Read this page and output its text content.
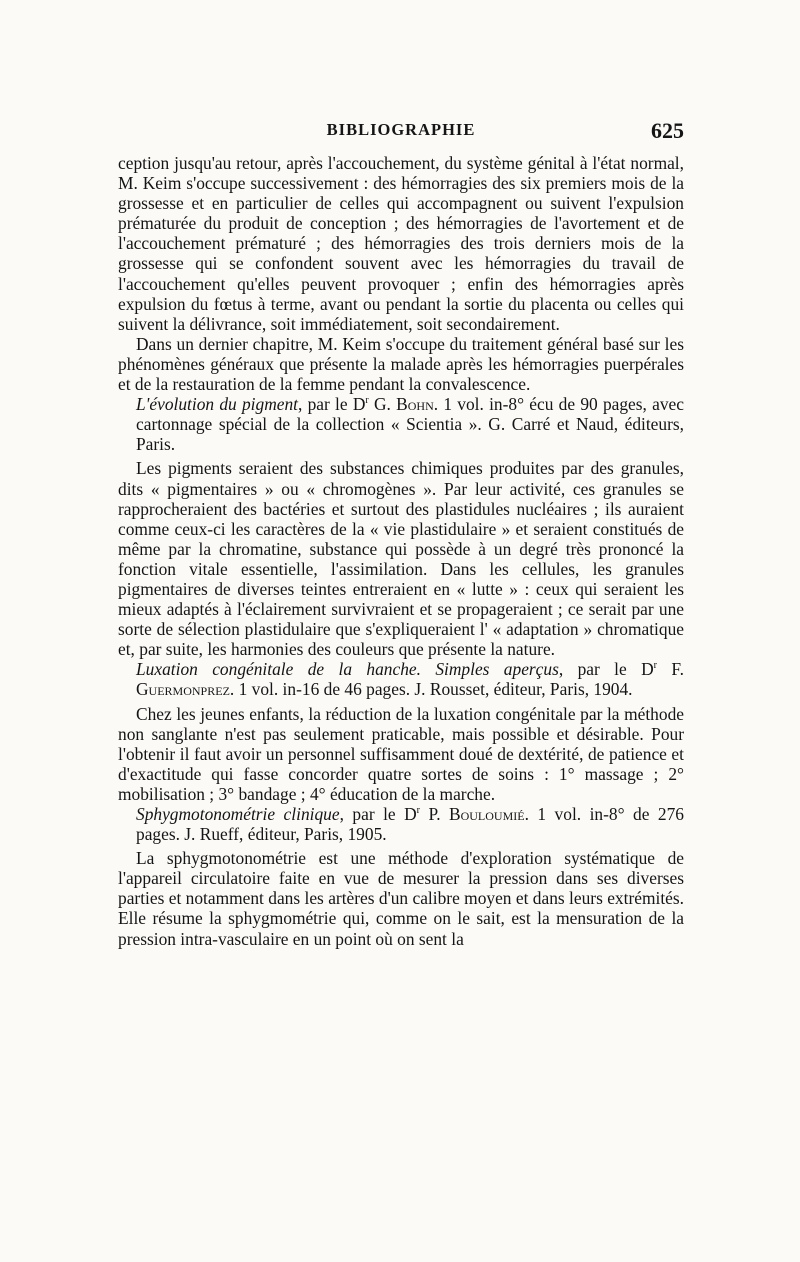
BIBLIOGRAPHIE	625

ception jusqu'au retour, après l'accouchement, du système génital à l'état normal, M. Keim s'occupe successivement : des hémorragies des six premiers mois de la grossesse et en particulier de celles qui accompagnent ou suivent l'expulsion prématurée du produit de conception ; des hémorragies de l'avortement et de l'accouchement prématuré ; des hémorragies des trois derniers mois de la grossesse qui se confondent souvent avec les hémorragies du travail de l'accouchement qu'elles peuvent provoquer ; enfin des hémorragies après expulsion du fœtus à terme, avant ou pendant la sortie du placenta ou celles qui suivent la délivrance, soit immédiatement, soit secondairement.

Dans un dernier chapitre, M. Keim s'occupe du traitement général basé sur les phénomènes généraux que présente la malade après les hémorragies puerpérales et de la restauration de la femme pendant la convalescence.

L'évolution du pigment, par le $D^r$ G. Bohn. 1 vol. in-8° écu de 90 pages, avec cartonnage spécial de la collection « Scientia ». G. Carré et Naud, éditeurs, Paris.

Les pigments seraient des substances chimiques produites par des granules, dits « pigmentaires » ou « chromogènes ». Par leur activité, ces granules se rapprocheraient des bactéries et surtout des plastidules nucléaires ; ils auraient comme ceux-ci les caractères de la « vie plastidulaire » et seraient constitués de même par la chromatine, substance qui possède à un degré très prononcé la fonction vitale essentielle, l'assimilation. Dans les cellules, les granules pigmentaires de diverses teintes entreraient en « lutte » : ceux qui seraient les mieux adaptés à l'éclairement survivraient et se propageraient ; ce serait par une sorte de sélection plastidulaire que s'expliqueraient l' « adaptation » chromatique et, par suite, les harmonies des couleurs que présente la nature.

Luxation congénitale de la hanche. Simples aperçus, par le $D^r$ F. Guermonprez. 1 vol. in-16 de 46 pages. J. Rousset, éditeur, Paris, 1904.

Chez les jeunes enfants, la réduction de la luxation congénitale par la méthode non sanglante n'est pas seulement praticable, mais possible et désirable. Pour l'obtenir il faut avoir un personnel suffisamment doué de dextérité, de patience et d'exactitude qui fasse concorder quatre sortes de soins : 1° massage ; 2° mobilisation ; 3° bandage ; 4° éducation de la marche.

Sphygmotonométrie clinique, par le $D^r$ P. Bouloumié. 1 vol. in-8° de 276 pages. J. Rueff, éditeur, Paris, 1905.

La sphygmotonométrie est une méthode d'exploration systématique de l'appareil circulatoire faite en vue de mesurer la pression dans ses diverses parties et notamment dans les artères d'un calibre moyen et dans leurs extrémités. Elle résume la sphygmométrie qui, comme on le sait, est la mensuration de la pression intra-vasculaire en un point où on sent la
